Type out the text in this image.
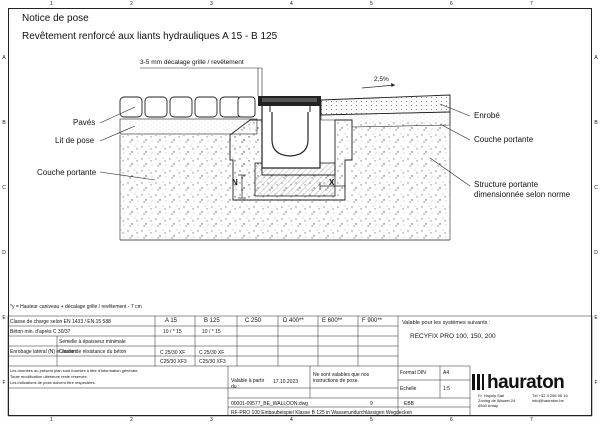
Notice de pose
Revêtement renforcé aux liants hydrauliques A 15 - B 125
A
B
C
D
E
F
A
B
C
D
E
F
1	2	3	4	5	6	7
1	2	3	4	5	6	7
3-5 mm décalage grille / revêtement
2,5%
Pavés
Lit de pose
Couche portante
Enrobé
Couche portante
Structure portante
dimensionnée selon norme
N	X
*y = Hauteur caniveau + décalage grille / revêtement - 7 cm
Classe de charge selon EN 1433 / EN 15 588	A 15	B 125	C 250	D 400**	E 600**	F 900**
Béton min. d'après C 30/37	10 / * 15	10 / * 15
Semelle à épaisseur minimale
Enrobage latéral (N) et renfort
Classe de résistance du béton	C 25/30 XF	C 25/30 XF
C25/30 XF3 C25/30 XF3
Valable pour les systèmes suivants :
RECYFIX PRO 100, 150, 200
Les données du présent plan sont fournies à titre d'information générale.
Toute modification ultérieure reste réservée.
Les indications de pose doivent être respectées.	Valable à partir du :
17.10.2023
Ne sont valables que nos instructions de pose.
00001-09577_BE_WALLOON.dwg	9	EBB
Format DIN	A4
Echelle	1:5
RF-PRO 100 Einbaubeispiel Klasse B 125 in Wasserundurchlässigen Wegdecken
hauraton
Fr. Hayois Sarl
Zoning de Wauret 24
4540 Amay
Tél +32 4 256 95 16
info@hauraton.be
